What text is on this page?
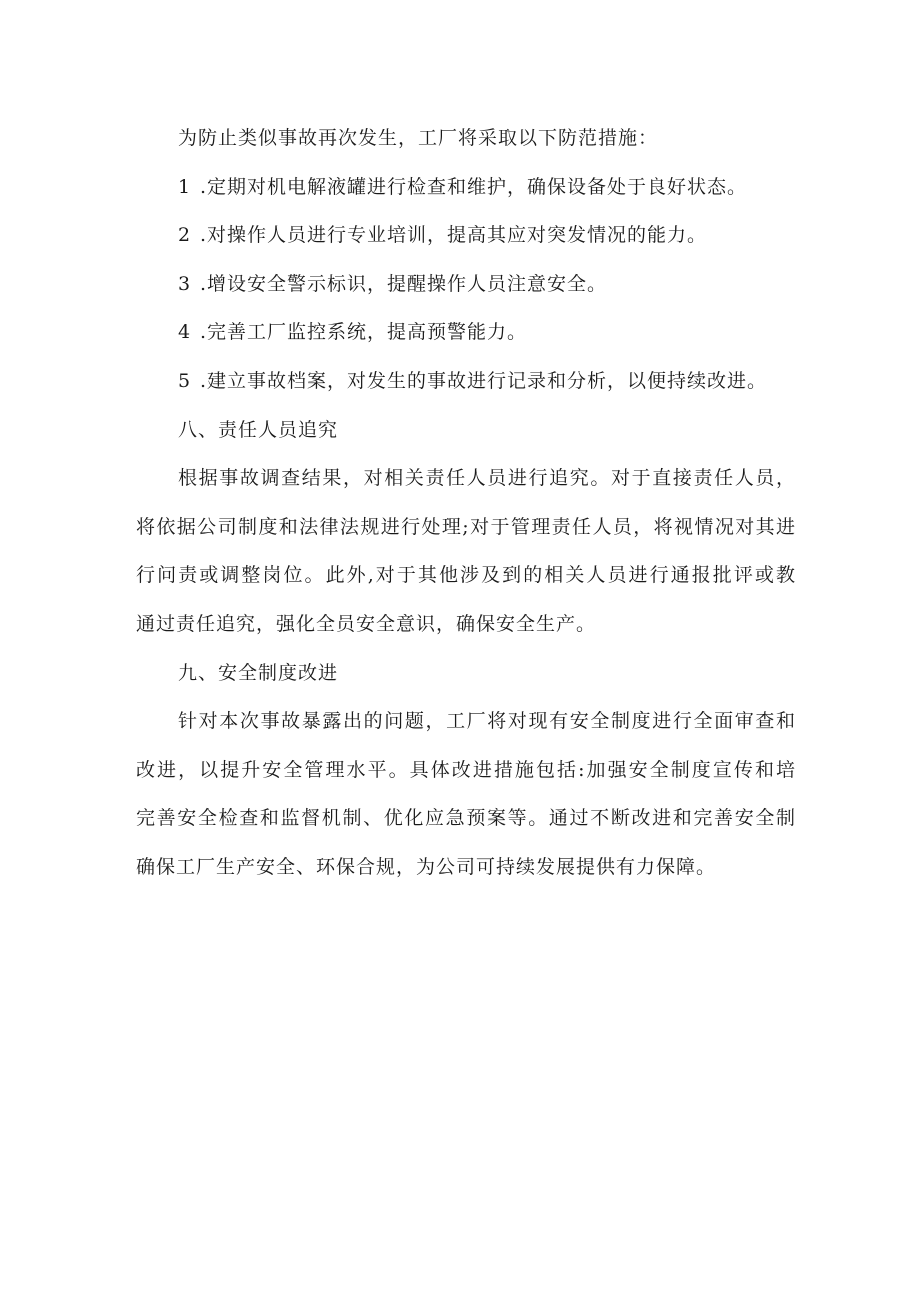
为防止类似事故再次发生，工厂将采取以下防范措施：
1 .定期对机电解液罐进行检查和维护，确保设备处于良好状态。
2 .对操作人员进行专业培训，提高其应对突发情况的能力。
3 .增设安全警示标识，提醒操作人员注意安全。
4 .完善工厂监控系统，提高预警能力。
5 .建立事故档案，对发生的事故进行记录和分析，以便持续改进。
八、责任人员追究
根据事故调查结果，对相关责任人员进行追究。对于直接责任人员，
将依据公司制度和法律法规进行处理;对于管理责任人员，将视情况对其进
行问责或调整岗位。此外,对于其他涉及到的相关人员进行通报批评或教
通过责任追究，强化全员安全意识，确保安全生产。
九、安全制度改进
针对本次事故暴露出的问题，工厂将对现有安全制度进行全面审查和
改进，以提升安全管理水平。具体改进措施包括:加强安全制度宣传和培
完善安全检查和监督机制、优化应急预案等。通过不断改进和完善安全制
确保工厂生产安全、环保合规，为公司可持续发展提供有力保障。
